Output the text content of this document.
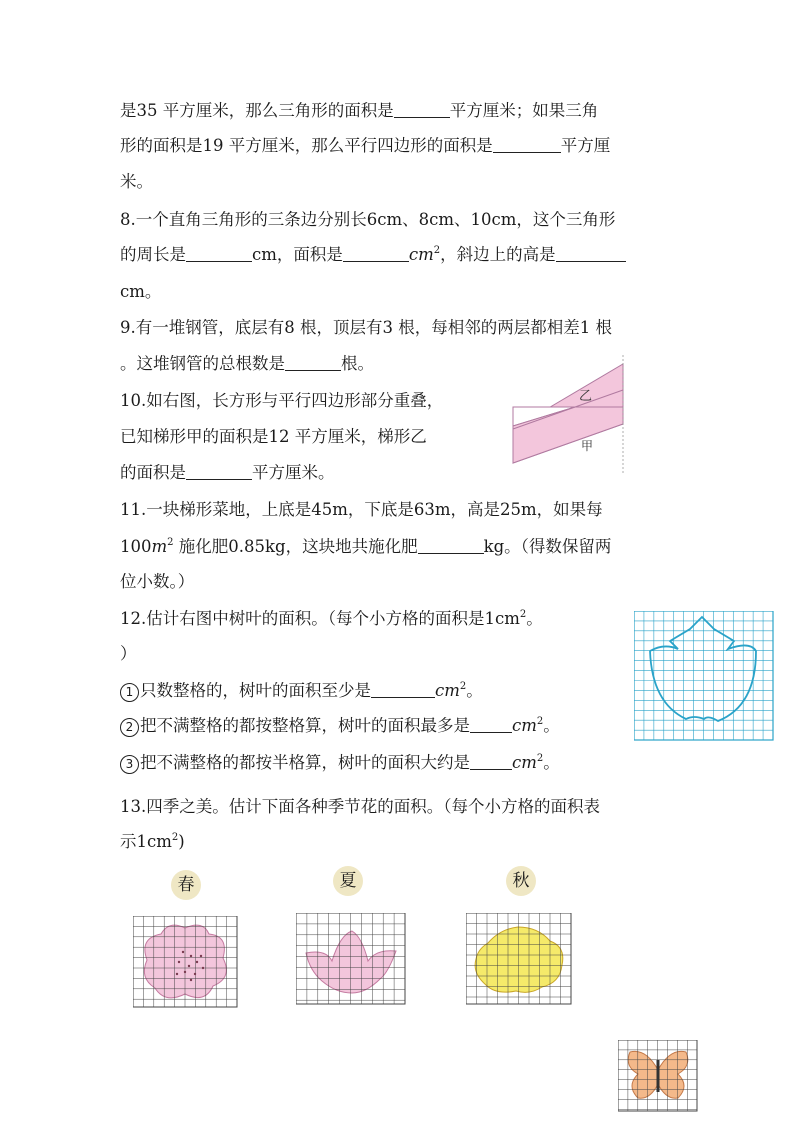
是35 平方厘米，那么三角形的面积是	平方厘米；如果三角
形的面积是19 平方厘米，那么平行四边形的面积是	平方厘
米。
8.一个直角三角形的三条边分别长6cm、8cm、10cm，这个三角形
的周长是	cm，面积是	$cm^2$，斜边上的高是
cm。
9.有一堆钢管，底层有8 根，顶层有3 根，每相邻的两层都相差1 根
。这堆钢管的总根数是	根。
10.如右图，长方形与平行四边形部分重叠，
已知梯形甲的面积是12 平方厘米，梯形乙
的面积是	平方厘米。
乙
甲
11.一块梯形菜地，上底是45m，下底是63m，高是25m，如果每
$100m^2$ 施化肥0.85kg，这块地共施化肥	kg。（得数保留两
位小数。）
12.估计右图中树叶的面积。（每个小方格的面积是$1cm^2$。
）
1 只数整格的，树叶的面积至少是	$cm^2$。
2 把不满整格的都按整格算，树叶的面积最多是	$cm^2$。
3 把不满整格的都按半格算，树叶的面积大约是	$cm^2$。
13.四季之美。估计下面各种季节花的面积。（每个小方格的面积表
示$1cm^2$)
春	夏	秋
